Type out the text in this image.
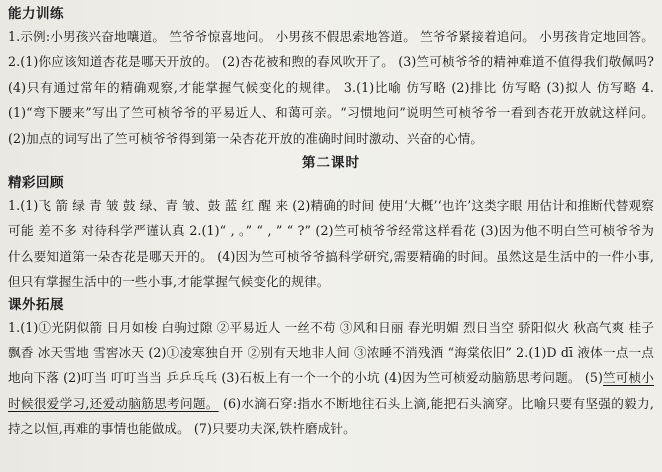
能力训练

1.示例:小男孩兴奋地嚷道。 竺爷爷惊喜地问。 小男孩不假思索地答道。 竺爷爷紧接着追问。 小男孩肯定地回答。 2.(1)你应该知道杏花是哪天开放的。 (2)杏花被和煦的春风吹开了。 (3)竺可桢爷爷的精神难道不值得我们敬佩吗? (4)只有通过常年的精确观察,才能掌握气候变化的规律。 3.(1)比喻 仿写略 (2)排比 仿写略 (3)拟人 仿写略 4.(1)“弯下腰来”写出了竺可桢爷爷的平易近人、和蔼可亲。“习惯地问”说明竺可桢爷爷一看到杏花开放就这样问。 (2)加点的词写出了竺可桢爷爷得到第一朵杏花开放的准确时间时激动、兴奋的心情。

第二课时
精彩回顾

1.(1)飞 箭 绿 青 皱 鼓 绿、青 皱、鼓 蓝 红 醒 来 (2)精确的时间 使用‘大概’‘也许’这类字眼 用估计和推断代替观察 可能 差不多 对待科学严谨认真 2.(1)“ , 。” “ , ” “ ?” (2)竺可桢爷爷经常这样看花 (3)因为他不明白竺可桢爷爷为什么要知道第一朵杏花是哪天开的。 (4)因为竺可桢爷爷搞科学研究,需要精确的时间。虽然这是生活中的一件小事,但只有掌握生活中的一些小事,才能掌握气候变化的规律。

课外拓展

1.(1)①光阴似箭 日月如梭 白驹过隙 ②平易近人 一丝不苟 ③风和日丽 春光明媚 烈日当空 骄阳似火 秋高气爽 桂子飘香 冰天雪地 雪窖冰天 (2)①凌寒独自开 ②别有天地非人间 ③浓睡不消残酒 “海棠依旧” 2.(1)D dī 液体一点一点地向下落 (2)叮当 叮叮当当 乒乒乓乓 (3)石板上有一个一个的小坑 (4)因为竺可桢爱动脑筋思考问题。 (5)竺可桢小时候很爱学习,还爱动脑筋思考问题。 (6)水滴石穿:指水不断地往石头上滴,能把石头滴穿。比喻只要有坚强的毅力,持之以恒,再难的事情也能做成。 (7)只要功夫深,铁杵磨成针。
